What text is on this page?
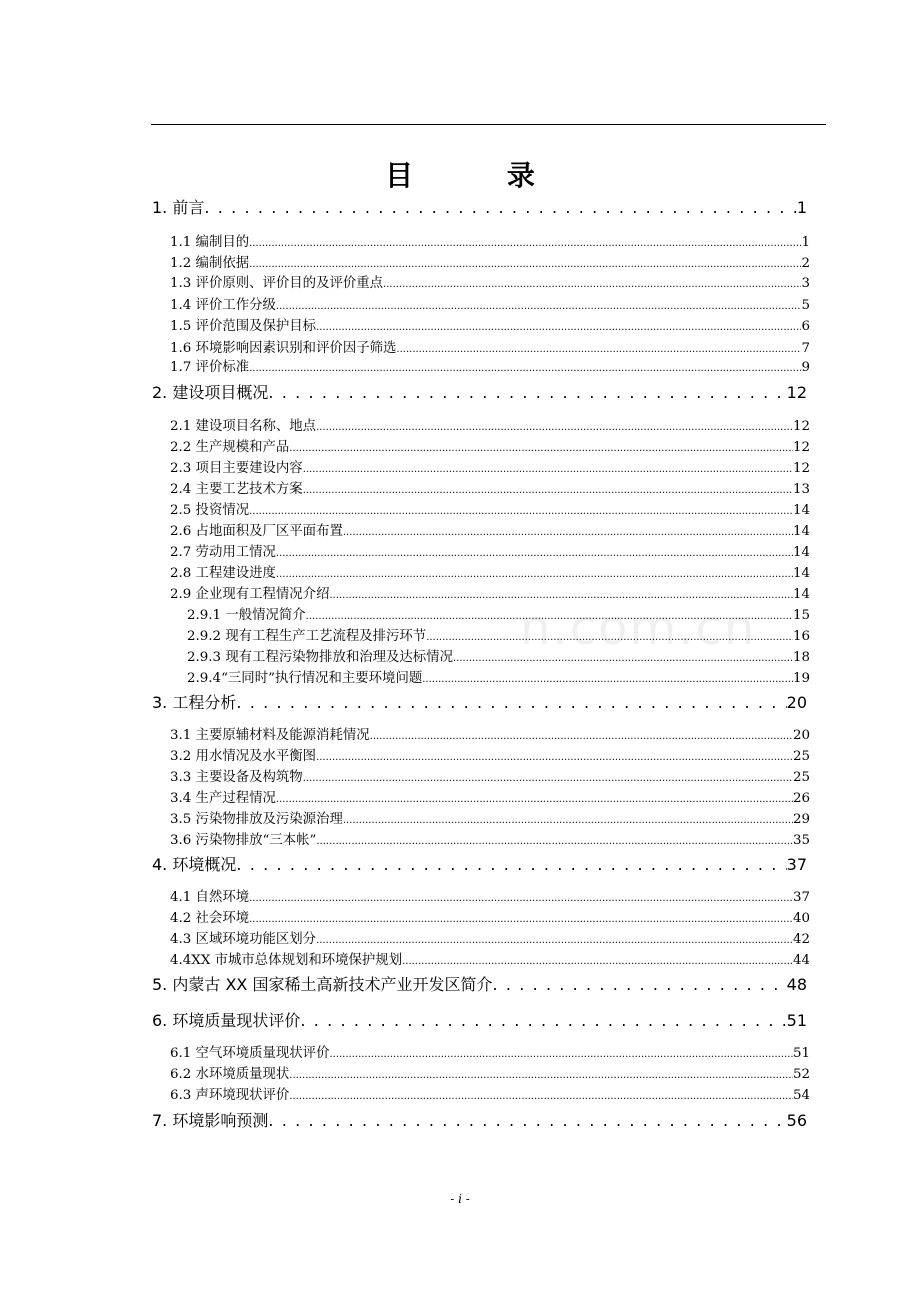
目 录
n.com.cn
1. 前言 . . .	1
1.1 编制目的 .....	1
1.2 编制依据 .....	2
1.3 评价原则、评价目的及评价重点 .....	3
1.4 评价工作分级 .....	5
1.5 评价范围及保护目标 .....	6
1.6 环境影响因素识别和评价因子筛选 .....	7
1.7 评价标准 .....	9
2. 建设项目概况 . . .	12
2.1 建设项目名称、地点 .....	12
2.2 生产规模和产品 .....	12
2.3 项目主要建设内容 .....	12
2.4 主要工艺技术方案 .....	13
2.5 投资情况 .....	14
2.6 占地面积及厂区平面布置 .....	14
2.7 劳动用工情况 .....	14
2.8 工程建设进度 .....	14
2.9 企业现有工程情况介绍 .....	14
2.9.1 一般情况简介 .....	15
2.9.2 现有工程生产工艺流程及排污环节 .....	16
2.9.3 现有工程污染物排放和治理及达标情况 .....	18
2.9.4“三同时”执行情况和主要环境问题 .....	19
3. 工程分析 . . .	20
3.1 主要原辅材料及能源消耗情况 .....	20
3.2 用水情况及水平衡图 .....	25
3.3 主要设备及构筑物 .....	25
3.4 生产过程情况 .....	26
3.5 污染物排放及污染源治理 .....	29
3.6 污染物排放“三本帐” .....	35
4. 环境概况 . . .	37
4.1 自然环境 .....	37
4.2 社会环境 .....	40
4.3 区域环境功能区划分 .....	42
4.4XX 市城市总体规划和环境保护规划 .....	44
5. 内蒙古 XX 国家稀土高新技术产业开发区简介 . . .	48
6. 环境质量现状评价 . . .	51
6.1 空气环境质量现状评价 .....	51
6.2 水环境质量现状 .....	52
6.3 声环境现状评价 .....	54
7. 环境影响预测 . . .	56
- i -
